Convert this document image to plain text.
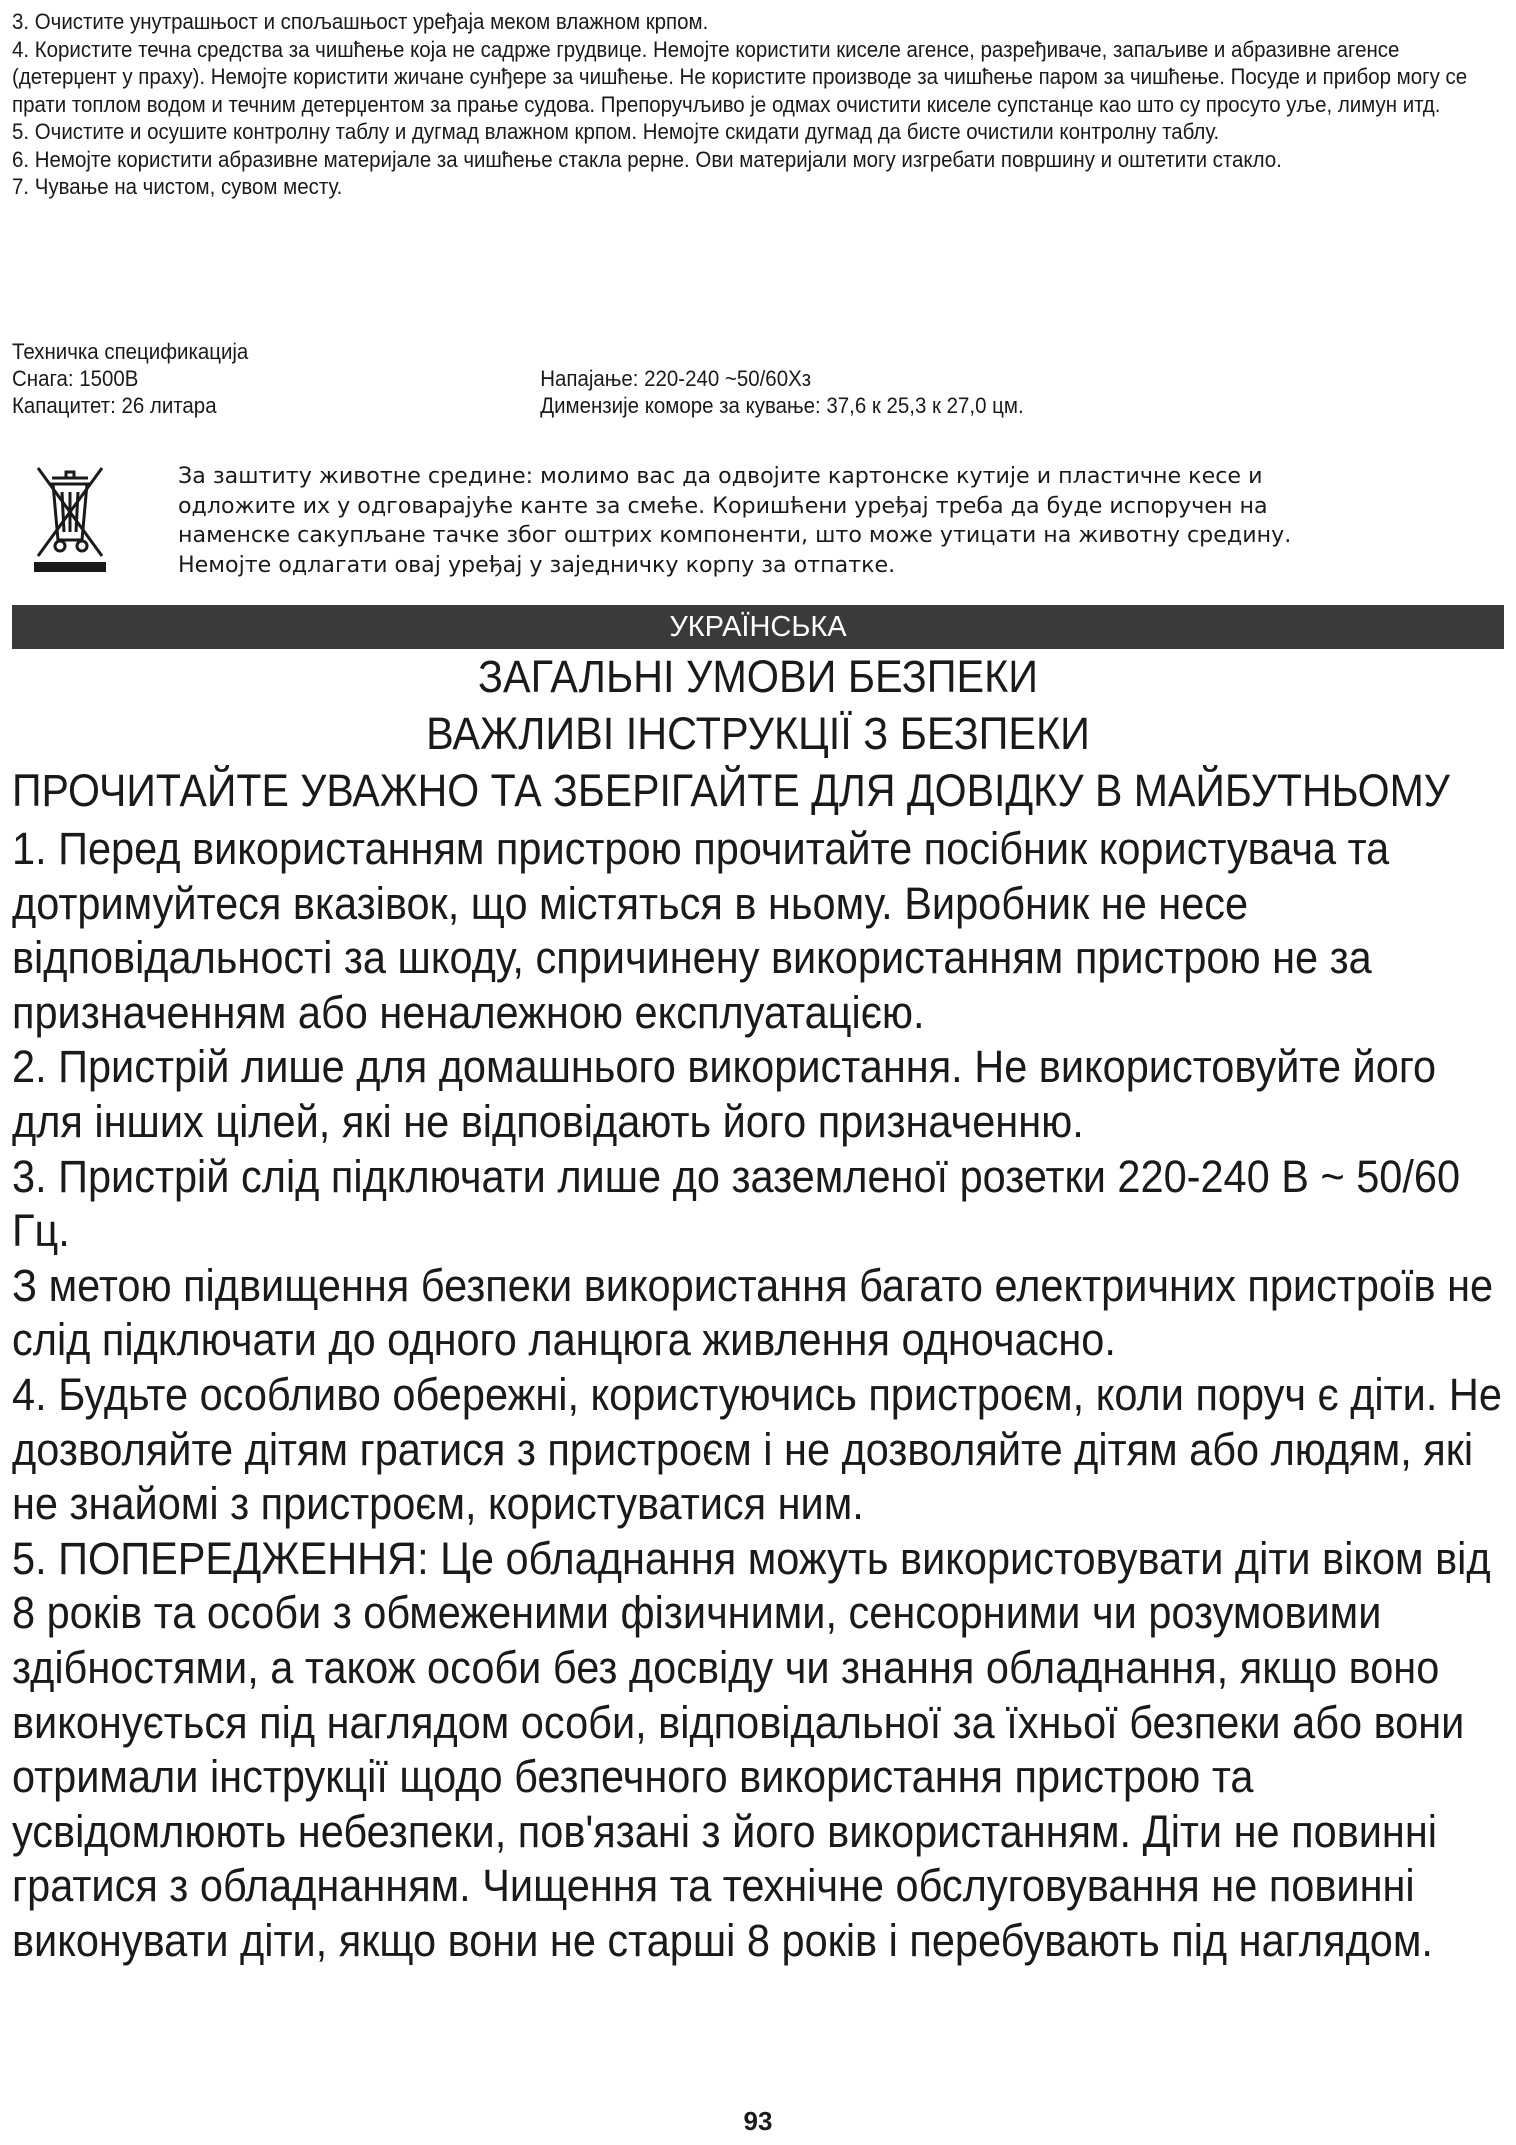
3. Очистите унутрашњост и спољашњост уређаја меком влажном крпом.

4. Користите течна средства за чишћење која не садрже грудвице. Немојте користити киселе агенсе, разређиваче, запаљиве и абразивне агенсе (детерџент у праху). Немојте користити жичане сунђере за чишћење. Не користите производе за чишћење паром за чишћење. Посуде и прибор могу се прати топлом водом и течним детерџентом за прање судова. Препоручљиво је одмах очистити киселе супстанце као што су просуто уље, лимун итд.

5. Очистите и осушите контролну таблу и дугмад влажном крпом. Немојте скидати дугмад да бисте очистили контролну таблу.

6. Немојте користити абразивне материјале за чишћење стакла рерне. Ови материјали могу изгребати површину и оштетити стакло.

7. Чување на чистом, сувом месту.

Техничка спецификација
Снага: 1500В	Напајање: 220-240 ~50/60Хз
Капацитет: 26 литара	Димензије коморе за кување: 37,6 к 25,3 к 27,0 цм.

За заштиту животне средине: молимо вас да одвојите картонске кутије и пластичне кесе и

одложите их у одговарајуће канте за смеће. Коришћени уређај треба да буде испоручен на

наменске сакупљане тачке због оштрих компоненти, што може утицати на животну средину.

Немојте одлагати овај уређај у заједничку корпу за отпатке.

УКРАЇНСЬКА
ЗАГАЛЬНІ УМОВИ БЕЗПЕКИ
ВАЖЛИВІ ІНСТРУКЦІЇ З БЕЗПЕКИ
ПРОЧИТАЙТЕ УВАЖНО ТА ЗБЕРІГАЙТЕ ДЛЯ ДОВІДКУ В МАЙБУТНЬОМУ

1. Перед використанням пристрою прочитайте посібник користувача та дотримуйтеся вказівок, що містяться в ньому. Виробник не несе відповідальності за шкоду, спричинену використанням пристрою не за призначенням або неналежною експлуатацією.

2. Пристрій лише для домашнього використання. Не використовуйте його для інших цілей, які не відповідають його призначенню.

3. Пристрій слід підключати лише до заземленої розетки 220-240 В ~ 50/60 Гц.

З метою підвищення безпеки використання багато електричних пристроїв не слід підключати до одного ланцюга живлення одночасно.

4. Будьте особливо обережні, користуючись пристроєм, коли поруч є діти. Не дозволяйте дітям гратися з пристроєм і не дозволяйте дітям або людям, які не знайомі з пристроєм, користуватися ним.

5. ПОПЕРЕДЖЕННЯ: Це обладнання можуть використовувати діти віком від 8 років та особи з обмеженими фізичними, сенсорними чи розумовими здібностями, а також особи без досвіду чи знання обладнання, якщо воно виконується під наглядом особи, відповідальної за їхньої безпеки або вони отримали інструкції щодо безпечного використання пристрою та усвідомлюють небезпеки, пов'язані з його використанням. Діти не повинні гратися з обладнанням. Чищення та технічне обслуговування не повинні виконувати діти, якщо вони не старші 8 років і перебувають під наглядом.

93
